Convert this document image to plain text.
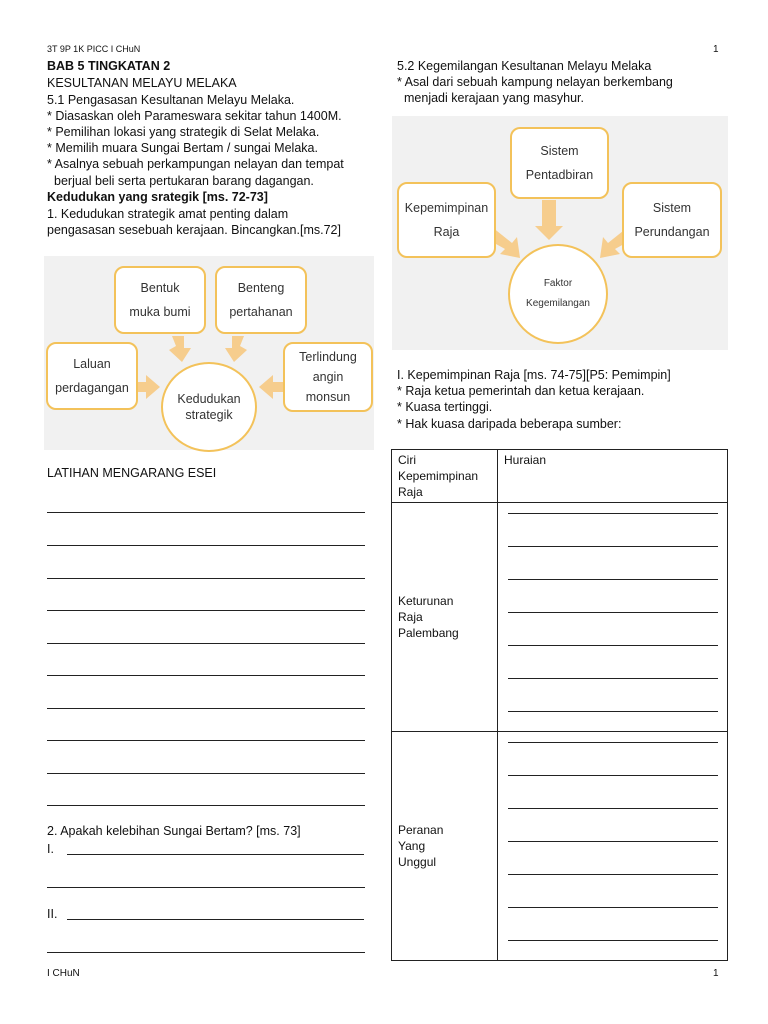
3T 9P 1K PICC I CHuN	1
BAB 5 TINGKATAN 2
KESULTANAN MELAYU MELAKA
5.1 Pengasasan Kesultanan Melayu Melaka.
* Diasaskan oleh Parameswara sekitar tahun 1400M.
* Pemilihan lokasi yang strategik di Selat Melaka.
* Memilih muara Sungai Bertam / sungai Melaka.
* Asalnya sebuah perkampungan nelayan dan tempat
berjual beli serta pertukaran barang dagangan.
Kedudukan yang srategik [ms. 72-73]
1. Kedudukan strategik amat penting dalam
pengasasan sesebuah kerajaan. Bincangkan.[ms.72]
Bentuk
muka bumi
Benteng
pertahanan
Laluan
perdagangan
Terlindung
angin
monsun
Kedudukan
strategik
LATIHAN MENGARANG ESEI
2. Apakah kelebihan Sungai Bertam? [ms. 73]
I.
II.
5.2 Kegemilangan Kesultanan Melayu Melaka
* Asal dari sebuah kampung nelayan berkembang
menjadi kerajaan yang masyhur.
Sistem
Pentadbiran
Kepemimpinan
Raja
Sistem
Perundangan
Faktor
Kegemilangan
I. Kepemimpinan Raja [ms. 74-75][P5: Pemimpin]
* Raja ketua pemerintah dan ketua kerajaan.
* Kuasa tertinggi.
* Hak kuasa daripada beberapa sumber:
Ciri
Kepemimpinan
Raja	Huraian

Keturunan
Raja
Palembang	

Peranan
Yang
Unggul	

I CHuN	1
